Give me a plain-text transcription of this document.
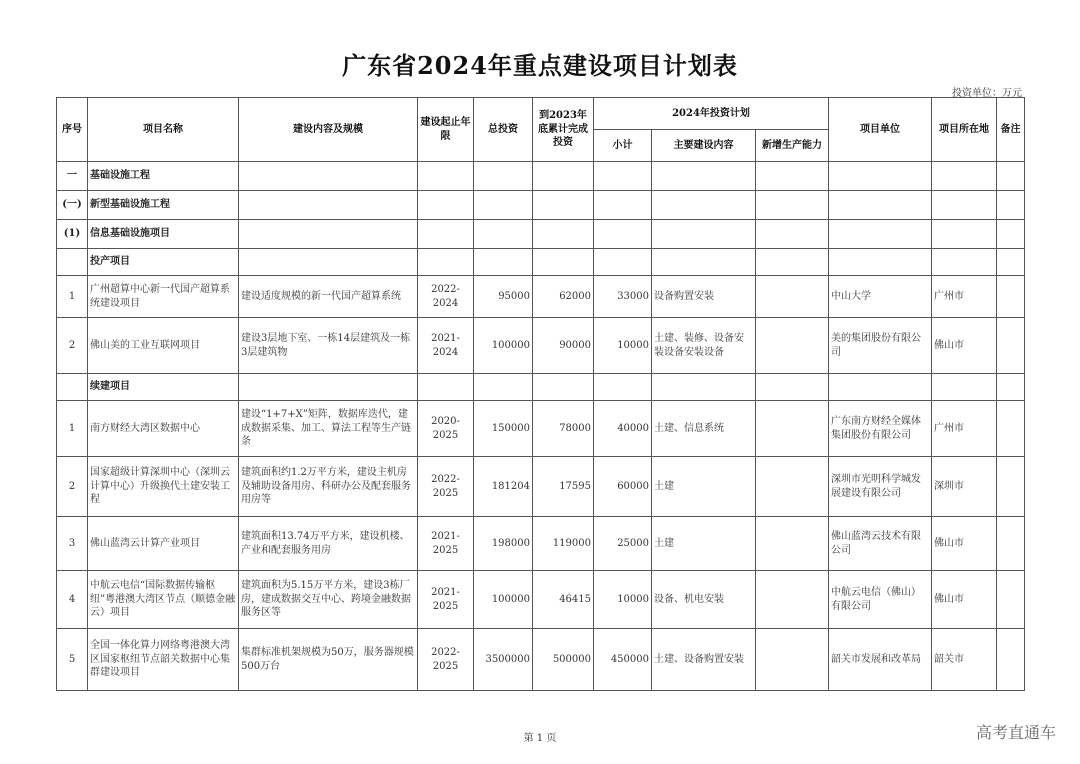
广东省2024年重点建设项目计划表
投资单位：万元
序号	项目名称	建设内容及规模	建设起止年限	总投资	到2023年底累计完成投资	2024年投资计划			项目单位	项目所在地	备注
						小计	主要建设内容	新增生产能力			
一	基础设施工程										
(一)	新型基础设施工程										
(1)	信息基础设施项目										
	投产项目										
1	广州超算中心新一代国产超算系统建设项目	建设适度规模的新一代国产超算系统	2022-2024	95000	62000	33000	设备购置安装		中山大学	广州市	
2	佛山美的工业互联网项目	建设3层地下室、一栋14层建筑及一栋3层建筑物	2021-2024	100000	90000	10000	土建、装修、设备安装设备安装设备		美的集团股份有限公司	佛山市	
	续建项目										
1	南方财经大湾区数据中心	建设“1+7+X”矩阵，数据库迭代，建成数据采集、加工、算法工程等生产链条	2020-2025	150000	78000	40000	土建、信息系统		广东南方财经全媒体集团股份有限公司	广州市	
2	国家超级计算深圳中心（深圳云计算中心）升级换代土建安装工程	建筑面积约1.2万平方米，建设主机房及辅助设备用房、科研办公及配套服务用房等	2022-2025	181204	17595	60000	土建		深圳市光明科学城发展建设有限公司	深圳市	
3	佛山蓝湾云计算产业项目	建筑面积13.74万平方米，建设机楼、产业和配套服务用房	2021-2025	198000	119000	25000	土建		佛山蓝湾云技术有限公司	佛山市	
4	中航云电信“国际数据传输枢纽”粤港澳大湾区节点（顺德金融云）项目	建筑面积为5.15万平方米，建设3栋厂房，建成数据交互中心、跨境金融数据服务区等	2021-2025	100000	46415	10000	设备、机电安装		中航云电信（佛山）有限公司	佛山市	
5	全国一体化算力网络粤港澳大湾区国家枢纽节点韶关数据中心集群建设项目	集群标准机架规模为50万，服务器规模500万台	2022-2025	3500000	500000	450000	土建、设备购置安装		韶关市发展和改革局	韶关市	
第 1 页	高考直通车
